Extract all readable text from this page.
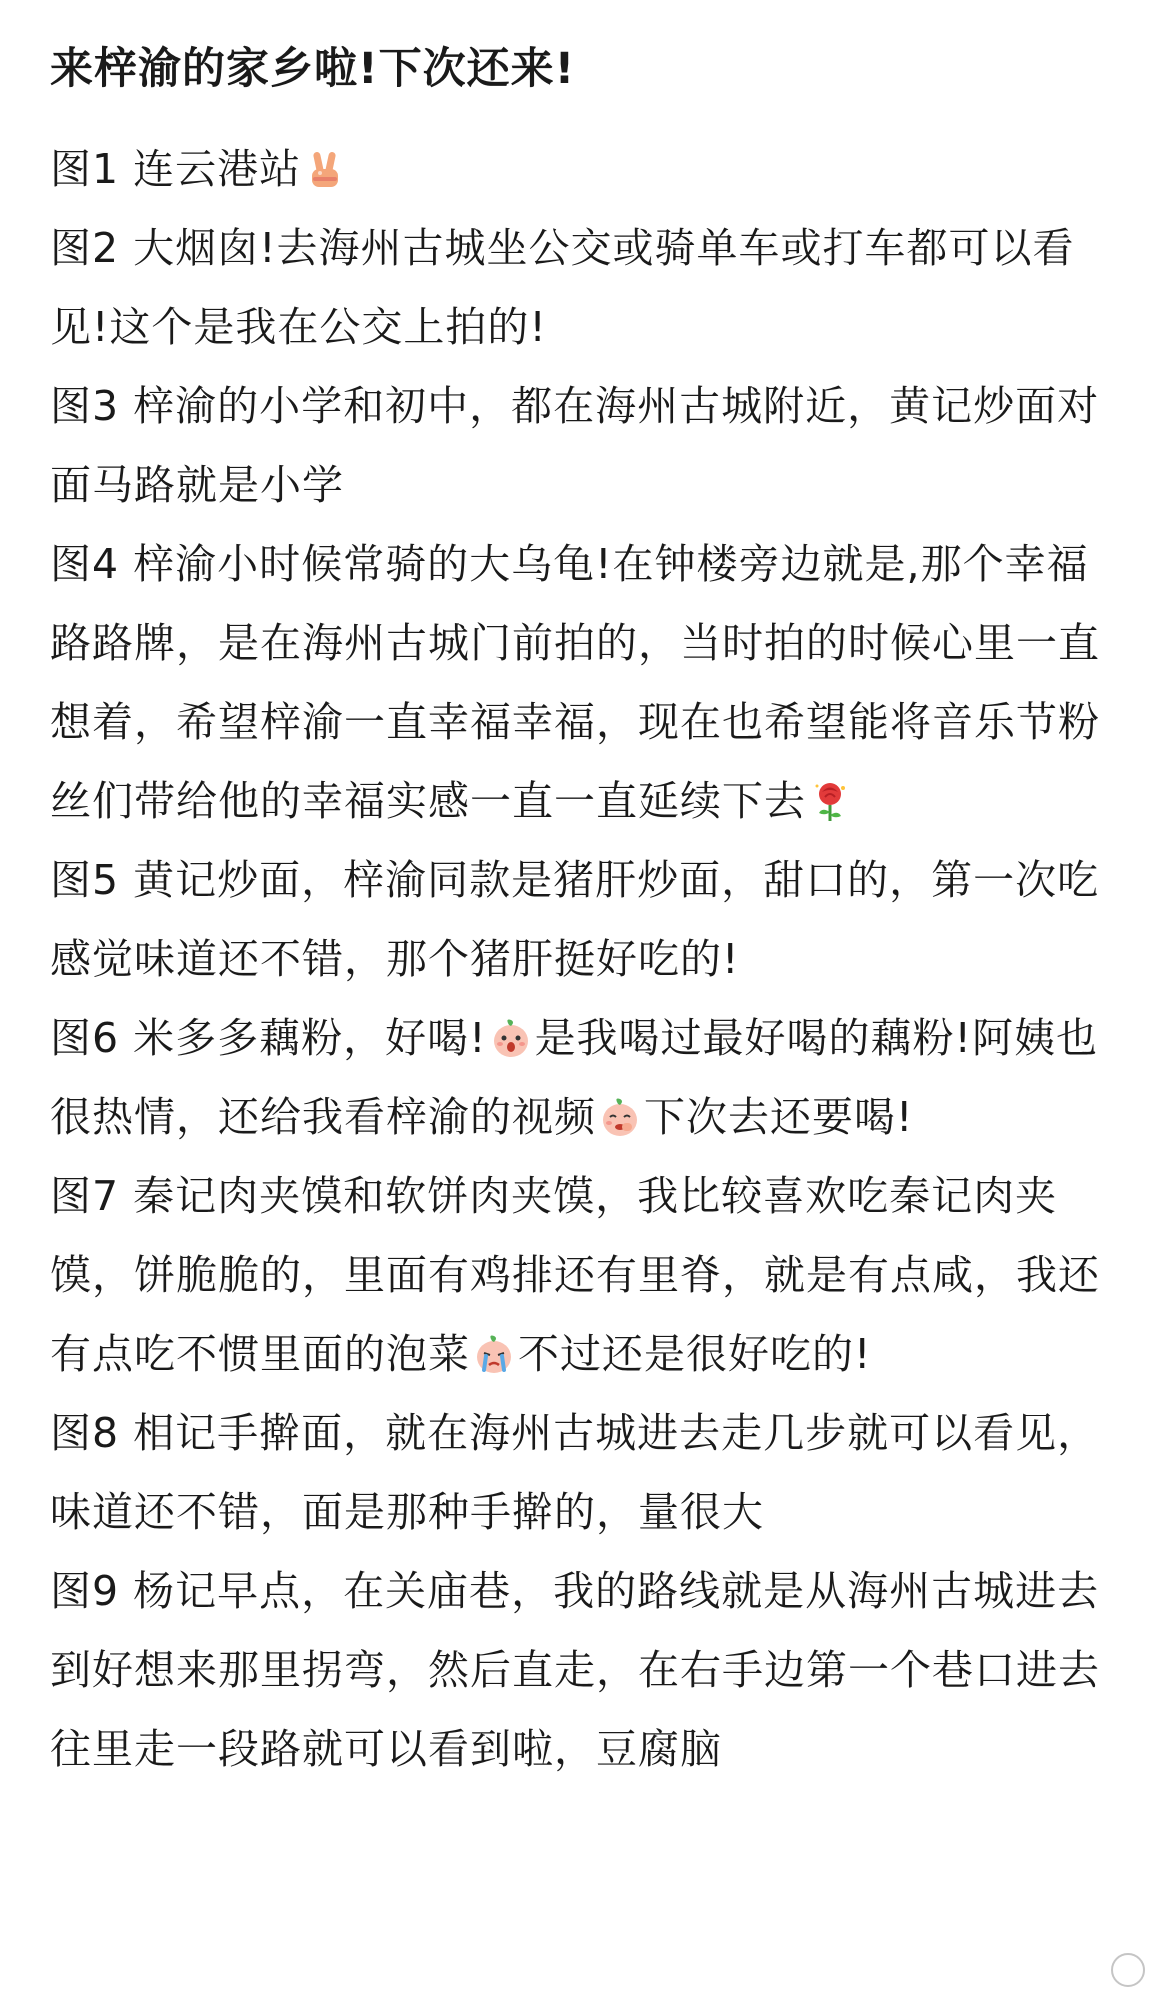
来梓渝的家乡啦!下次还来!

图1 连云港站

图2 大烟囱!去海州古城坐公交或骑单车或打车都可以看见!这个是我在公交上拍的!

图3 梓渝的小学和初中，都在海州古城附近，黄记炒面对面马路就是小学

图4 梓渝小时候常骑的大乌龟!在钟楼旁边就是,那个幸福路路牌，是在海州古城门前拍的，当时拍的时候心里一直想着，希望梓渝一直幸福幸福，现在也希望能将音乐节粉丝们带给他的幸福实感一直一直延续下去

图5 黄记炒面，梓渝同款是猪肝炒面，甜口的，第一次吃感觉味道还不错，那个猪肝挺好吃的!

图6 米多多藕粉，好喝! 是我喝过最好喝的藕粉!阿姨也很热情，还给我看梓渝的视频 下次去还要喝!

图7 秦记肉夹馍和软饼肉夹馍，我比较喜欢吃秦记肉夹馍，饼脆脆的，里面有鸡排还有里脊，就是有点咸，我还有点吃不惯里面的泡菜 不过还是很好吃的!

图8 相记手擀面，就在海州古城进去走几步就可以看见，味道还不错，面是那种手擀的，量很大

图9 杨记早点，在关庙巷，我的路线就是从海州古城进去到好想来那里拐弯，然后直走，在右手边第一个巷口进去往里走一段路就可以看到啦，豆腐脑
